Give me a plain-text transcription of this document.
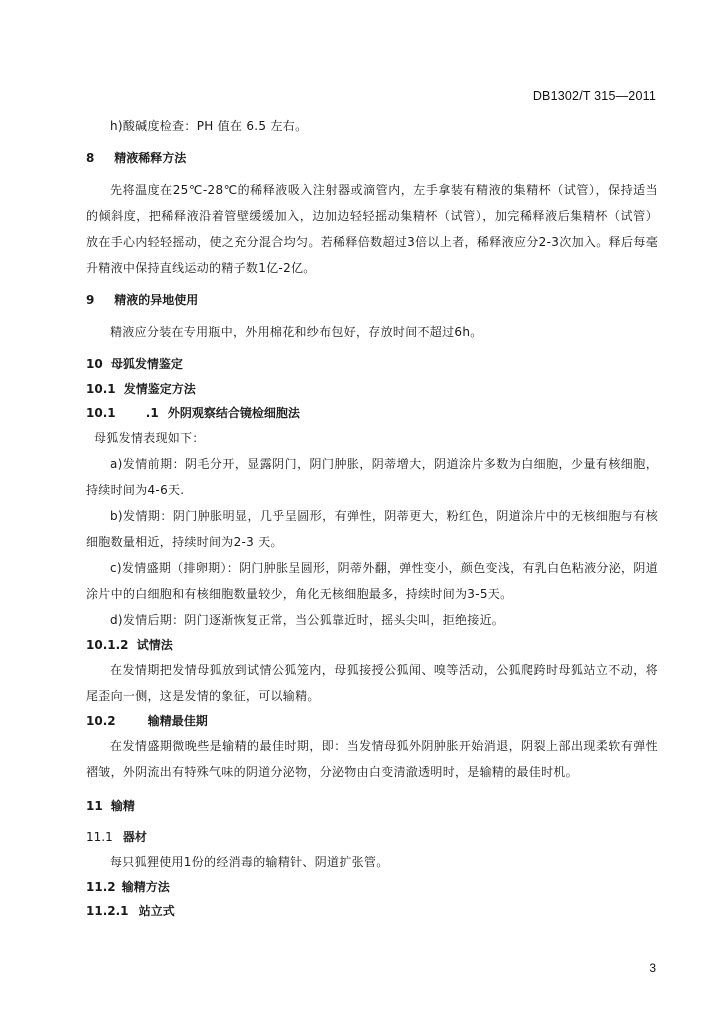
DB1302/T 315—2011

h)酸碱度检查：PH 值在 6.5 左右。

8 精液稀释方法

先将温度在25℃-28℃的稀释液吸入注射器或滴管内，左手拿装有精液的集精杯（试管），保持适当的倾斜度，把稀释液沿着管壁缓缓加入，边加边轻轻摇动集精杯（试管），加完稀释液后集精杯（试管）放在手心内轻轻摇动，使之充分混合均匀。若稀释倍数超过3倍以上者，稀释液应分2-3次加入。释后每毫升精液中保持直线运动的精子数1亿-2亿。

9 精液的异地使用

精液应分装在专用瓶中，外用棉花和纱布包好，存放时间不超过6h。

10 母狐发情鉴定
10.1 发情鉴定方法
10.1	.1 外阴观察结合镜检细胞法

母狐发情表现如下：

a)发情前期：阴毛分开，显露阴门，阴门肿胀，阴蒂增大，阴道涂片多数为白细胞，少量有核细胞，持续时间为4-6天.

b)发情期：阴门肿胀明显，几乎呈圆形，有弹性，阴蒂更大，粉红色，阴道涂片中的无核细胞与有核细胞数量相近，持续时间为2-3 天。

c)发情盛期（排卵期）：阴门肿胀呈圆形，阴蒂外翻，弹性变小，颜色变浅，有乳白色粘液分泌，阴道涂片中的白细胞和有核细胞数量较少，角化无核细胞最多，持续时间为3-5天。

d)发情后期：阴门逐渐恢复正常，当公狐靠近时，摇头尖叫，拒绝接近。

10.1.2 试情法

在发情期把发情母狐放到试情公狐笼内，母狐接授公狐闻、嗅等活动，公狐爬跨时母狐站立不动，将尾歪向一侧，这是发情的象征，可以输精。

10.2	输精最佳期

在发情盛期微晚些是输精的最佳时期，即：当发情母狐外阴肿胀开始消退，阴裂上部出现柔软有弹性褶皱，外阴流出有特殊气味的阴道分泌物，分泌物由白变清澈透明时，是输精的最佳时机。

11 输精
11.1 器材

每只狐狸使用1份的经消毒的输精针、阴道扩张管。

11.2 输精方法
11.2.1 站立式
3
